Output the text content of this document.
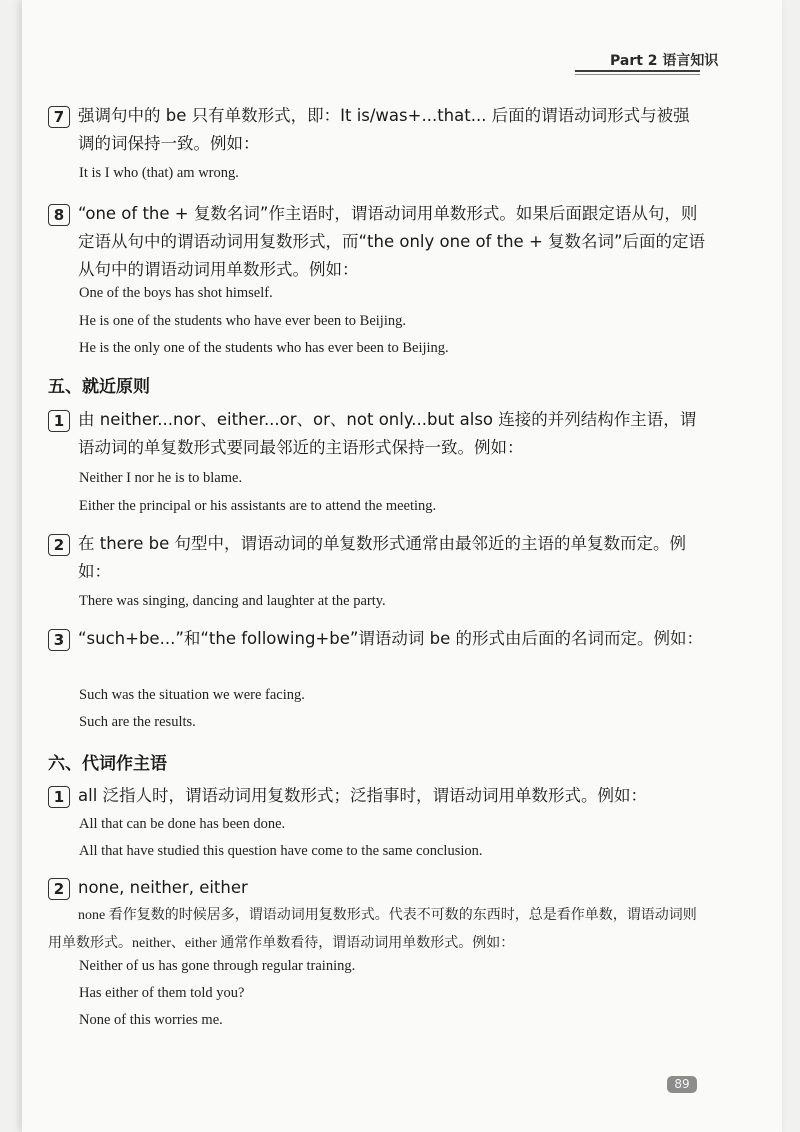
Part 2 语言知识
7 强调句中的 be 只有单数形式，即：It is/was+...that... 后面的谓语动词形式与被强调的词保持一致。例如：
It is I who (that) am wrong.
8 “one of the + 复数名词”作主语时，谓语动词用单数形式。如果后面跟定语从句，则定语从句中的谓语动词用复数形式，而“the only one of the + 复数名词”后面的定语从句中的谓语动词用单数形式。例如：
One of the boys has shot himself.
He is one of the students who have ever been to Beijing.
He is the only one of the students who has ever been to Beijing.
五、就近原则
1 由 neither...nor、either...or、or、not only...but also 连接的并列结构作主语，谓语动词的单复数形式要同最邻近的主语形式保持一致。例如：
Neither I nor he is to blame.
Either the principal or his assistants are to attend the meeting.
2 在 there be 句型中，谓语动词的单复数形式通常由最邻近的主语的单复数而定。例如：
There was singing, dancing and laughter at the party.
3 “such+be...”和“the following+be”谓语动词 be 的形式由后面的名词而定。例如：
Such was the situation we were facing.
Such are the results.
六、代词作主语
1 all 泛指人时，谓语动词用复数形式；泛指事时，谓语动词用单数形式。例如：
All that can be done has been done.
All that have studied this question have come to the same conclusion.
2 none, neither, either
none 看作复数的时候居多，谓语动词用复数形式。代表不可数的东西时，总是看作单数，谓语动词则用单数形式。neither、either 通常作单数看待，谓语动词用单数形式。例如：
Neither of us has gone through regular training.
Has either of them told you?
None of this worries me.
89
